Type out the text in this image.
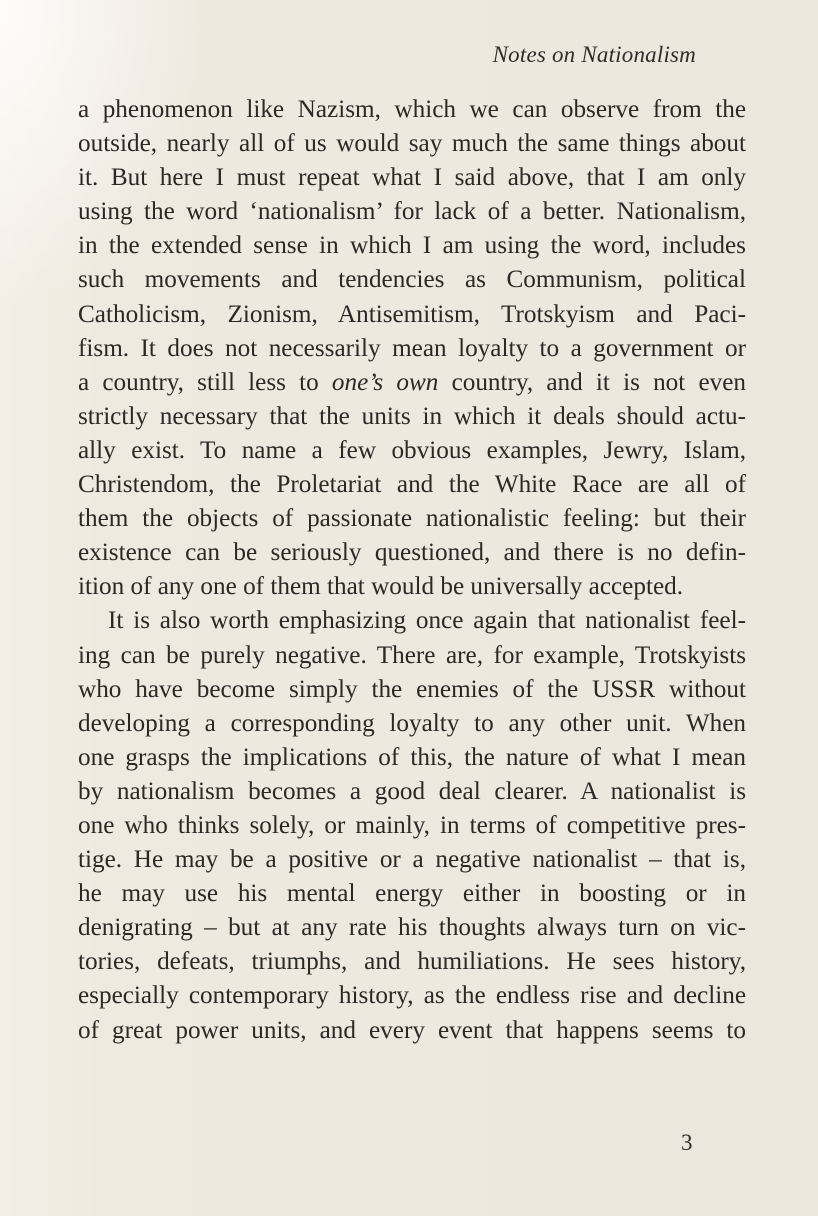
Notes on Nationalism
a phenomenon like Nazism, which we can observe from the
outside, nearly all of us would say much the same things about
it. But here I must repeat what I said above, that I am only
using the word ‘nationalism’ for lack of a better. Nationalism,
in the extended sense in which I am using the word, includes
such movements and tendencies as Communism, political
Catholicism, Zionism, Antisemitism, Trotskyism and Paci-
fism. It does not necessarily mean loyalty to a government or
a country, still less to one’s own country, and it is not even
strictly necessary that the units in which it deals should actu-
ally exist. To name a few obvious examples, Jewry, Islam,
Christendom, the Proletariat and the White Race are all of
them the objects of passionate nationalistic feeling: but their
existence can be seriously questioned, and there is no defin-
ition of any one of them that would be universally accepted.
It is also worth emphasizing once again that nationalist feel-
ing can be purely negative. There are, for example, Trotskyists
who have become simply the enemies of the USSR without
developing a corresponding loyalty to any other unit. When
one grasps the implications of this, the nature of what I mean
by nationalism becomes a good deal clearer. A nationalist is
one who thinks solely, or mainly, in terms of competitive pres-
tige. He may be a positive or a negative nationalist – that is,
he may use his mental energy either in boosting or in
denigrating – but at any rate his thoughts always turn on vic-
tories, defeats, triumphs, and humiliations. He sees history,
especially contemporary history, as the endless rise and decline
of great power units, and every event that happens seems to
3
